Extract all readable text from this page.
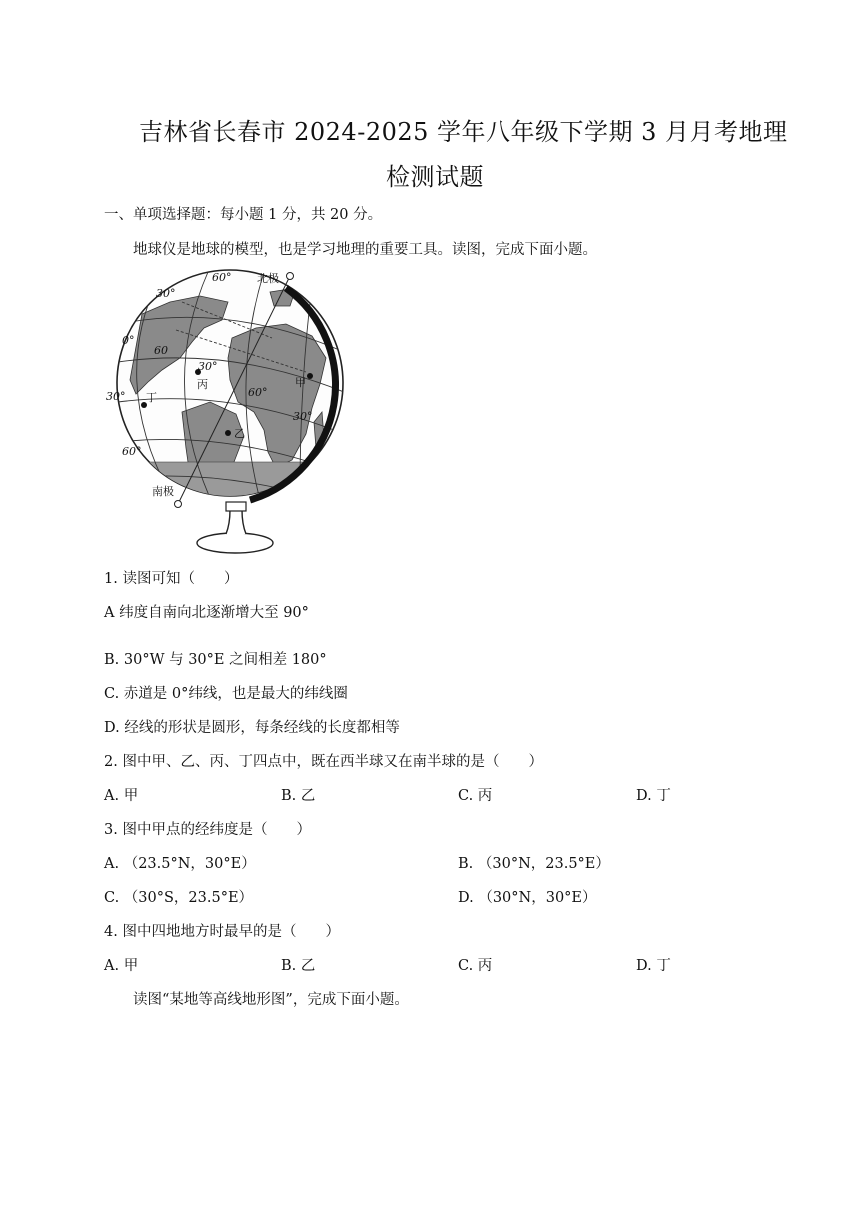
吉林省长春市 2024-2025 学年八年级下学期 3 月月考地理
检测试题
一、单项选择题：每小题 1 分，共 20 分。
地球仪是地球的模型，也是学习地理的重要工具。读图，完成下面小题。
北极
南极
60°
30°
0°
60
30°
30°
60°
60°
30°
甲
乙
丙
丁
1. 读图可知（　　）
A 纬度自南向北逐渐增大至 90°
B. 30°W 与 30°E 之间相差 180°
C. 赤道是 0°纬线，也是最大的纬线圈
D. 经线的形状是圆形，每条经线的长度都相等
2. 图中甲、乙、丙、丁四点中，既在西半球又在南半球的是（　　）
A. 甲	B. 乙	C. 丙	D. 丁
3. 图中甲点的经纬度是（　　）
A. （23.5°N，30°E）	B. （30°N，23.5°E）
C. （30°S，23.5°E）	D. （30°N，30°E）
4. 图中四地地方时最早的是（　　）
A. 甲	B. 乙	C. 丙	D. 丁
读图“某地等高线地形图”，完成下面小题。
